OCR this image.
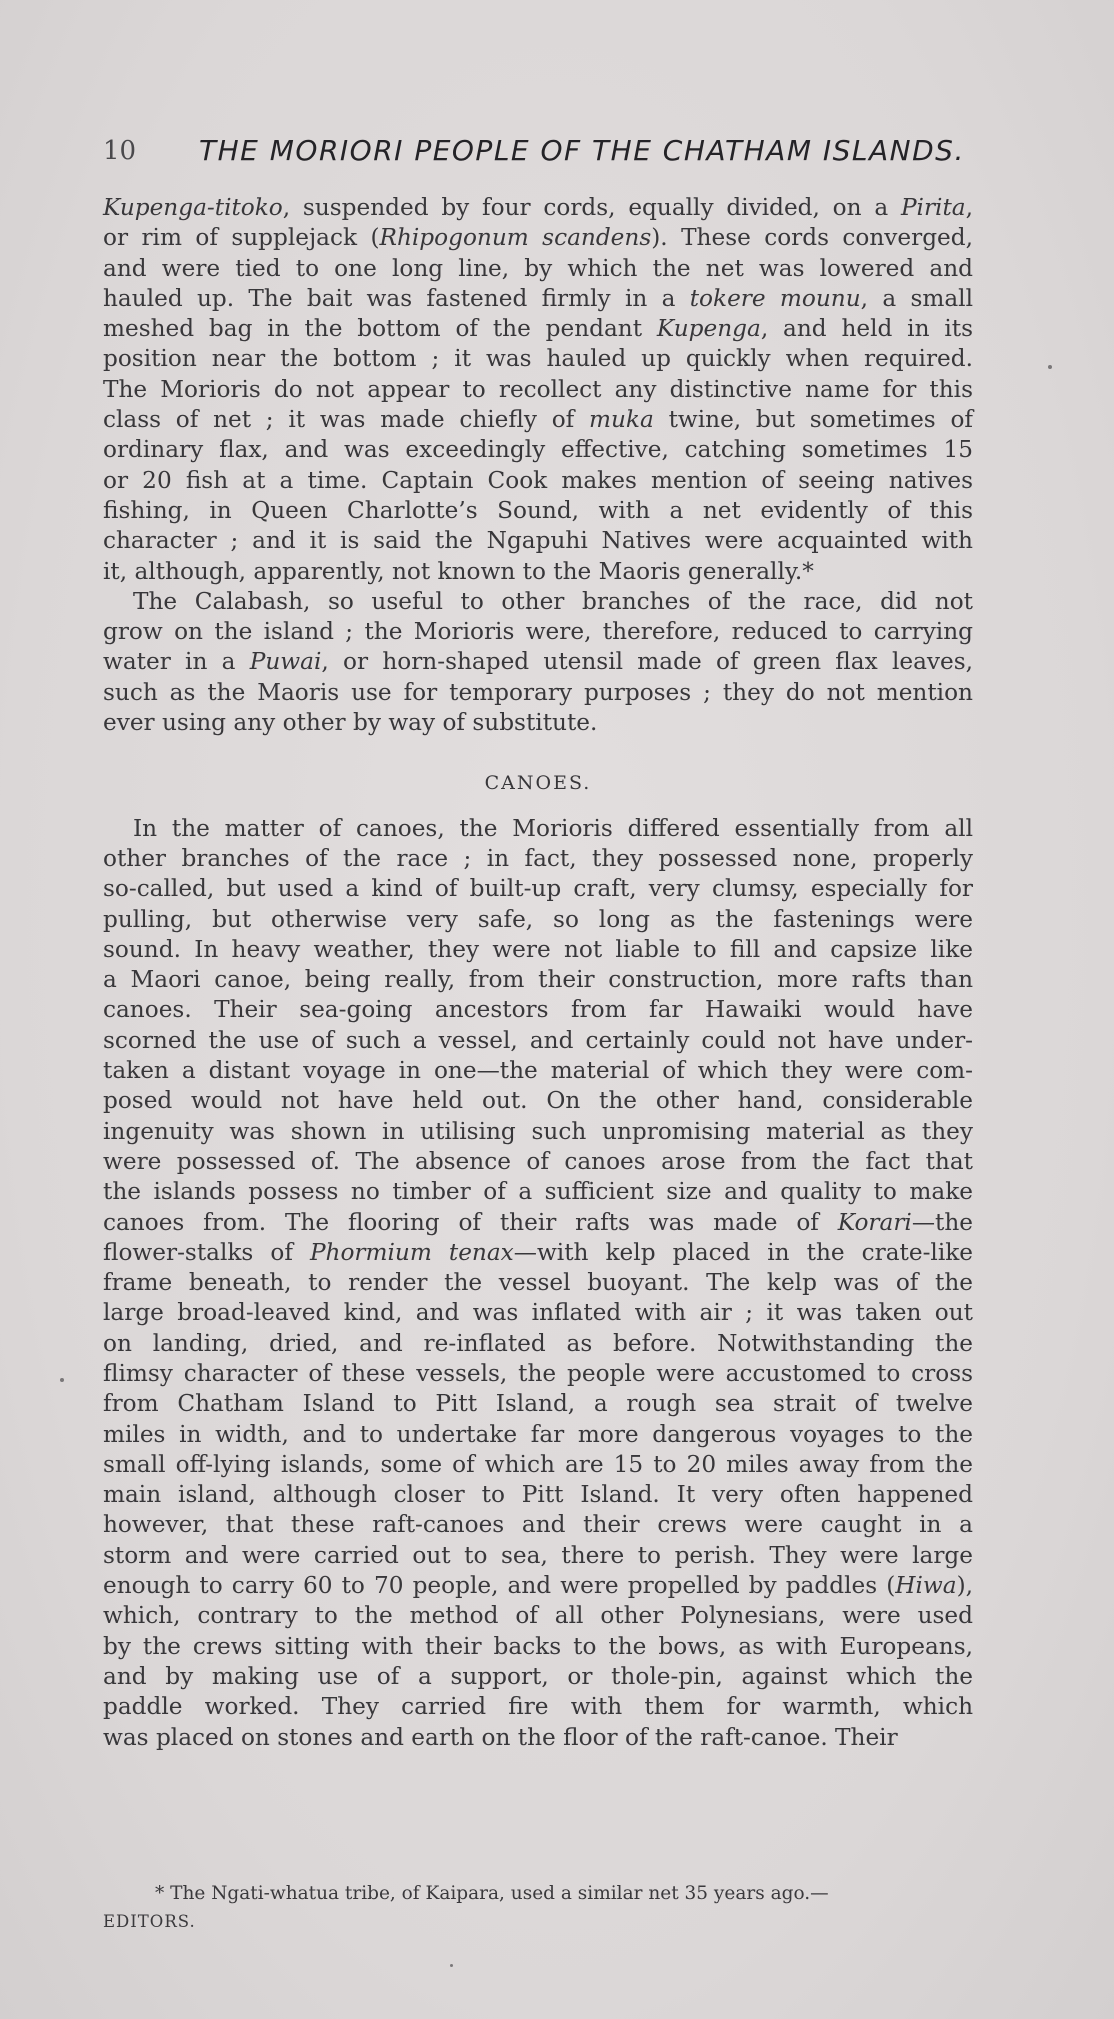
10 THE MORIORI PEOPLE OF THE CHATHAM ISLANDS.
Kupenga-titoko, suspended by four cords, equally divided, on a Pirita,
or rim of supplejack (Rhipogonum scandens). These cords converged,
and were tied to one long line, by which the net was lowered and
hauled up. The bait was fastened firmly in a tokere mounu, a small
meshed bag in the bottom of the pendant Kupenga, and held in its
position near the bottom ; it was hauled up quickly when required.
The Morioris do not appear to recollect any distinctive name for this
class of net ; it was made chiefly of muka twine, but sometimes of
ordinary flax, and was exceedingly effective, catching sometimes 15
or 20 fish at a time. Captain Cook makes mention of seeing natives
fishing, in Queen Charlotte’s Sound, with a net evidently of this
character ; and it is said the Ngapuhi Natives were acquainted with
it, although, apparently, not known to the Maoris generally.*
The Calabash, so useful to other branches of the race, did not
grow on the island ; the Morioris were, therefore, reduced to carrying
water in a Puwai, or horn-shaped utensil made of green flax leaves,
such as the Maoris use for temporary purposes ; they do not mention
ever using any other by way of substitute.
CANOES.
In the matter of canoes, the Morioris differed essentially from all
other branches of the race ; in fact, they possessed none, properly
so-called, but used a kind of built-up craft, very clumsy, especially for
pulling, but otherwise very safe, so long as the fastenings were
sound. In heavy weather, they were not liable to fill and capsize like
a Maori canoe, being really, from their construction, more rafts than
canoes. Their sea-going ancestors from far Hawaiki would have
scorned the use of such a vessel, and certainly could not have under-
taken a distant voyage in one—the material of which they were com-
posed would not have held out. On the other hand, considerable
ingenuity was shown in utilising such unpromising material as they
were possessed of. The absence of canoes arose from the fact that
the islands possess no timber of a sufficient size and quality to make
canoes from. The flooring of their rafts was made of Korari—the
flower-stalks of Phormium tenax—with kelp placed in the crate-like
frame beneath, to render the vessel buoyant. The kelp was of the
large broad-leaved kind, and was inflated with air ; it was taken out
on landing, dried, and re-inflated as before. Notwithstanding the
flimsy character of these vessels, the people were accustomed to cross
from Chatham Island to Pitt Island, a rough sea strait of twelve
miles in width, and to undertake far more dangerous voyages to the
small off-lying islands, some of which are 15 to 20 miles away from the
main island, although closer to Pitt Island. It very often happened
however, that these raft-canoes and their crews were caught in a
storm and were carried out to sea, there to perish. They were large
enough to carry 60 to 70 people, and were propelled by paddles (Hiwa),
which, contrary to the method of all other Polynesians, were used
by the crews sitting with their backs to the bows, as with Europeans,
and by making use of a support, or thole-pin, against which the
paddle worked. They carried fire with them for warmth, which
was placed on stones and earth on the floor of the raft-canoe. Their
* The Ngati-whatua tribe, of Kaipara, used a similar net 35 years ago.—
EDITORS.
